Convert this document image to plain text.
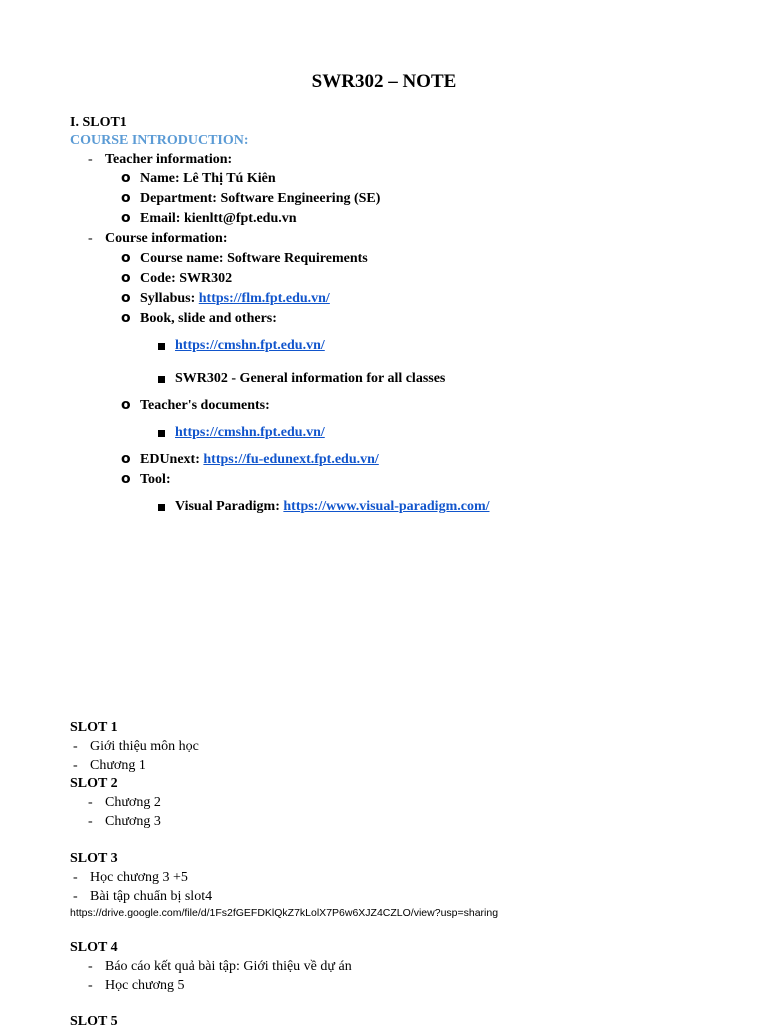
SWR302 – NOTE
I. SLOT1
COURSE INTRODUCTION:
- Teacher information:
o Name: Lê Thị Tú Kiên
o Department: Software Engineering (SE)
o Email: kienltt@fpt.edu.vn
- Course information:
o Course name: Software Requirements
o Code: SWR302
o Syllabus: https://flm.fpt.edu.vn/
o Book, slide and others:
https://cmshn.fpt.edu.vn/
SWR302 - General information for all classes
o Teacher's documents:
https://cmshn.fpt.edu.vn/
o EDUnext: https://fu-edunext.fpt.edu.vn/
o Tool:
Visual Paradigm: https://www.visual-paradigm.com/
SLOT 1
- Giới thiệu môn học
- Chương 1
SLOT 2
- Chương 2
- Chương 3
SLOT 3
- Học chương 3 +5
- Bài tập chuẩn bị slot4
https://drive.google.com/file/d/1Fs2fGEFDKlQkZ7kLolX7P6w6XJZ4CZLO/view?usp=sharing
SLOT 4
- Báo cáo kết quả bài tập: Giới thiệu về dự án
- Học chương 5
SLOT 5
